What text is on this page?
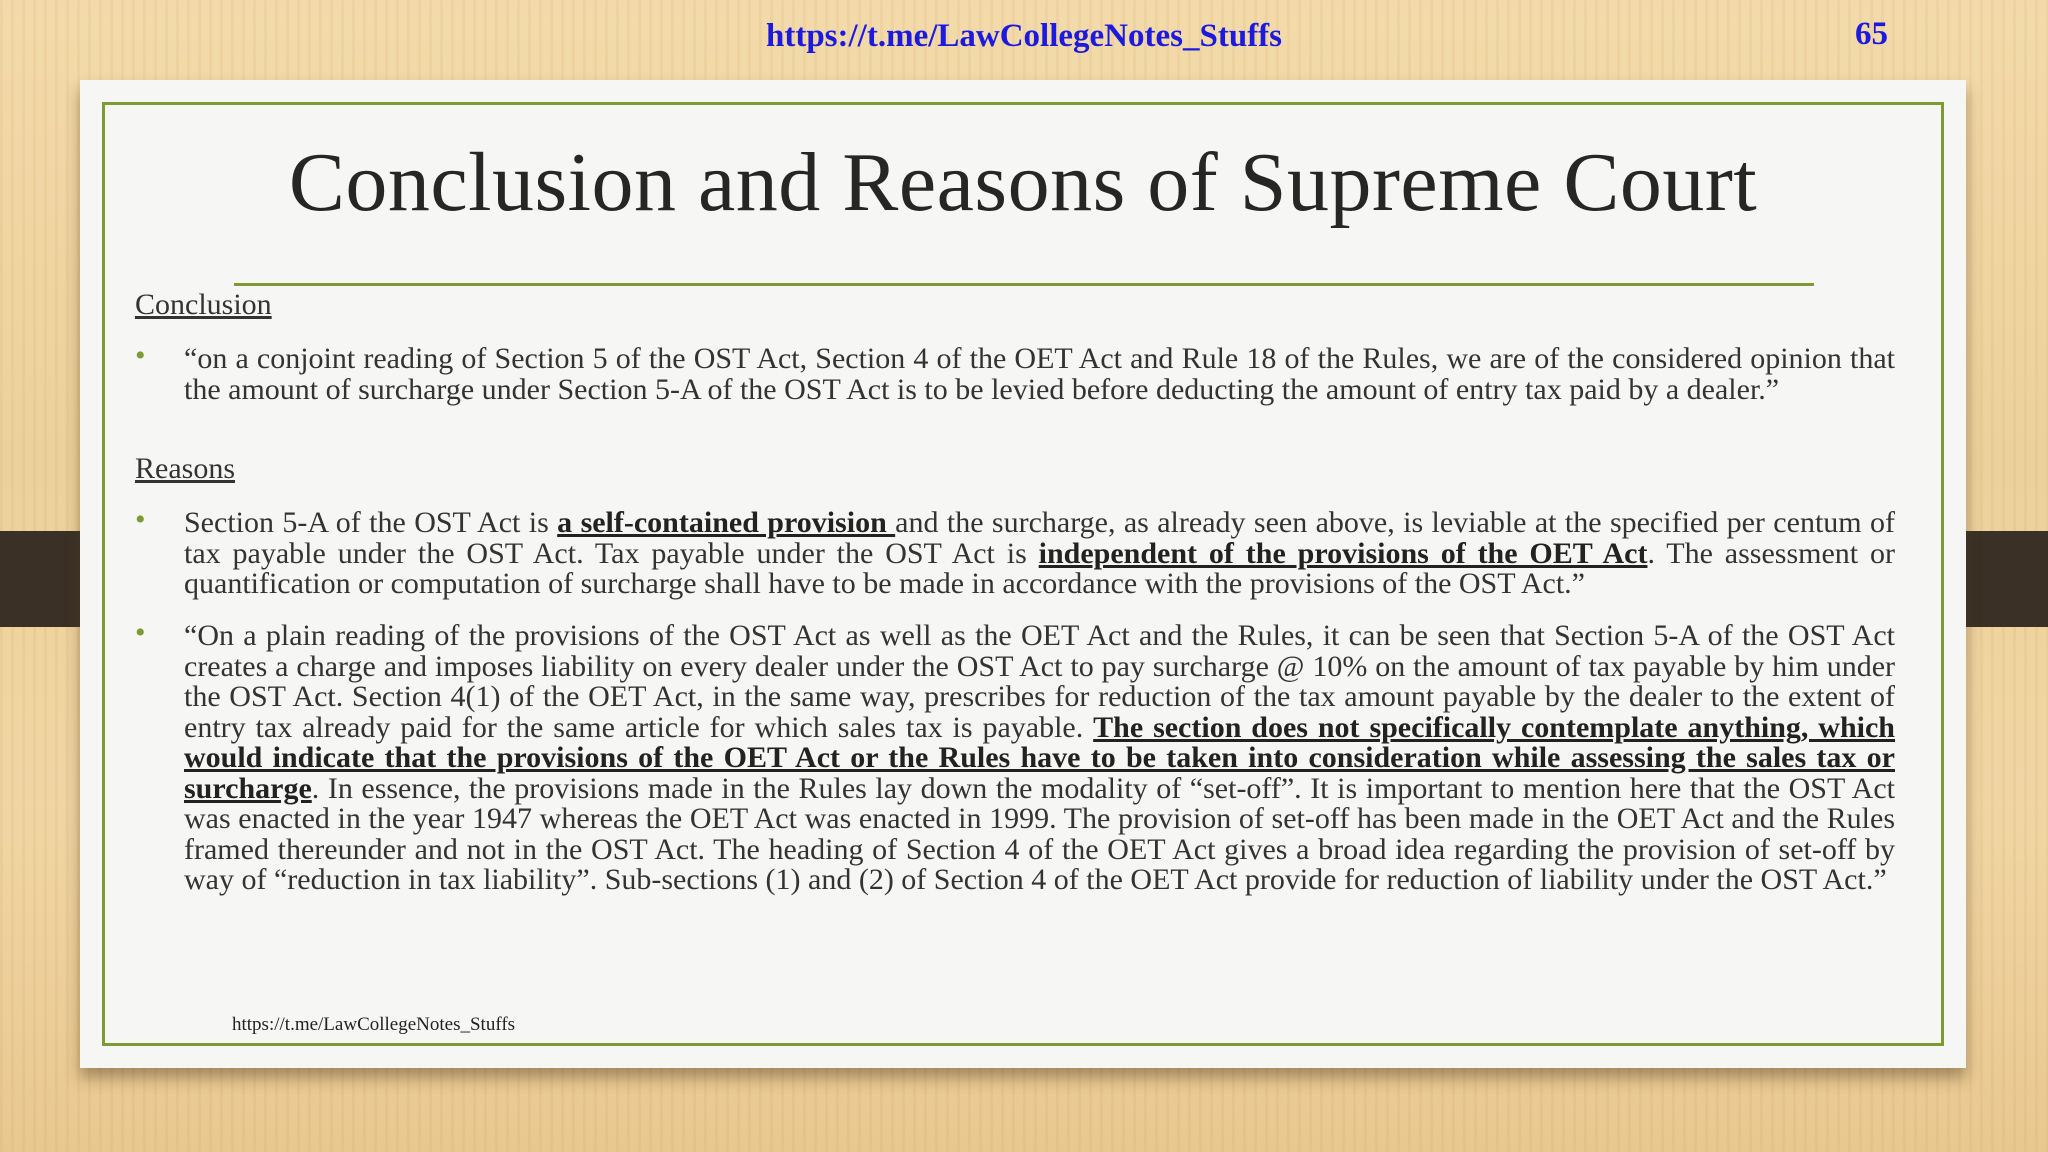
https://t.me/LawCollegeNotes_Stuffs	65
Conclusion and Reasons of Supreme Court
Conclusion
• “on a conjoint reading of Section 5 of the OST Act, Section 4 of the OET Act and Rule 18 of the Rules, we are of the considered opinion that the amount of surcharge under Section 5-A of the OST Act is to be levied before deducting the amount of entry tax paid by a dealer.”

Reasons
• Section 5-A of the OST Act is a self-contained provision and the surcharge, as already seen above, is leviable at the specified per centum of tax payable under the OST Act. Tax payable under the OST Act is independent of the provisions of the OET Act. The assessment or quantification or computation of surcharge shall have to be made in accordance with the provisions of the OST Act.”

• “On a plain reading of the provisions of the OST Act as well as the OET Act and the Rules, it can be seen that Section 5-A of the OST Act creates a charge and imposes liability on every dealer under the OST Act to pay surcharge @ 10% on the amount of tax payable by him under the OST Act. Section 4(1) of the OET Act, in the same way, prescribes for reduction of the tax amount payable by the dealer to the extent of entry tax already paid for the same article for which sales tax is payable. The section does not specifically contemplate anything, which would indicate that the provisions of the OET Act or the Rules have to be taken into consideration while assessing the sales tax or surcharge. In essence, the provisions made in the Rules lay down the modality of “set-off”. It is important to mention here that the OST Act was enacted in the year 1947 whereas the OET Act was enacted in 1999. The provision of set-off has been made in the OET Act and the Rules framed thereunder and not in the OST Act. The heading of Section 4 of the OET Act gives a broad idea regarding the provision of set-off by way of “reduction in tax liability”. Sub-sections (1) and (2) of Section 4 of the OET Act provide for reduction of liability under the OST Act.”

https://t.me/LawCollegeNotes_Stuffs
